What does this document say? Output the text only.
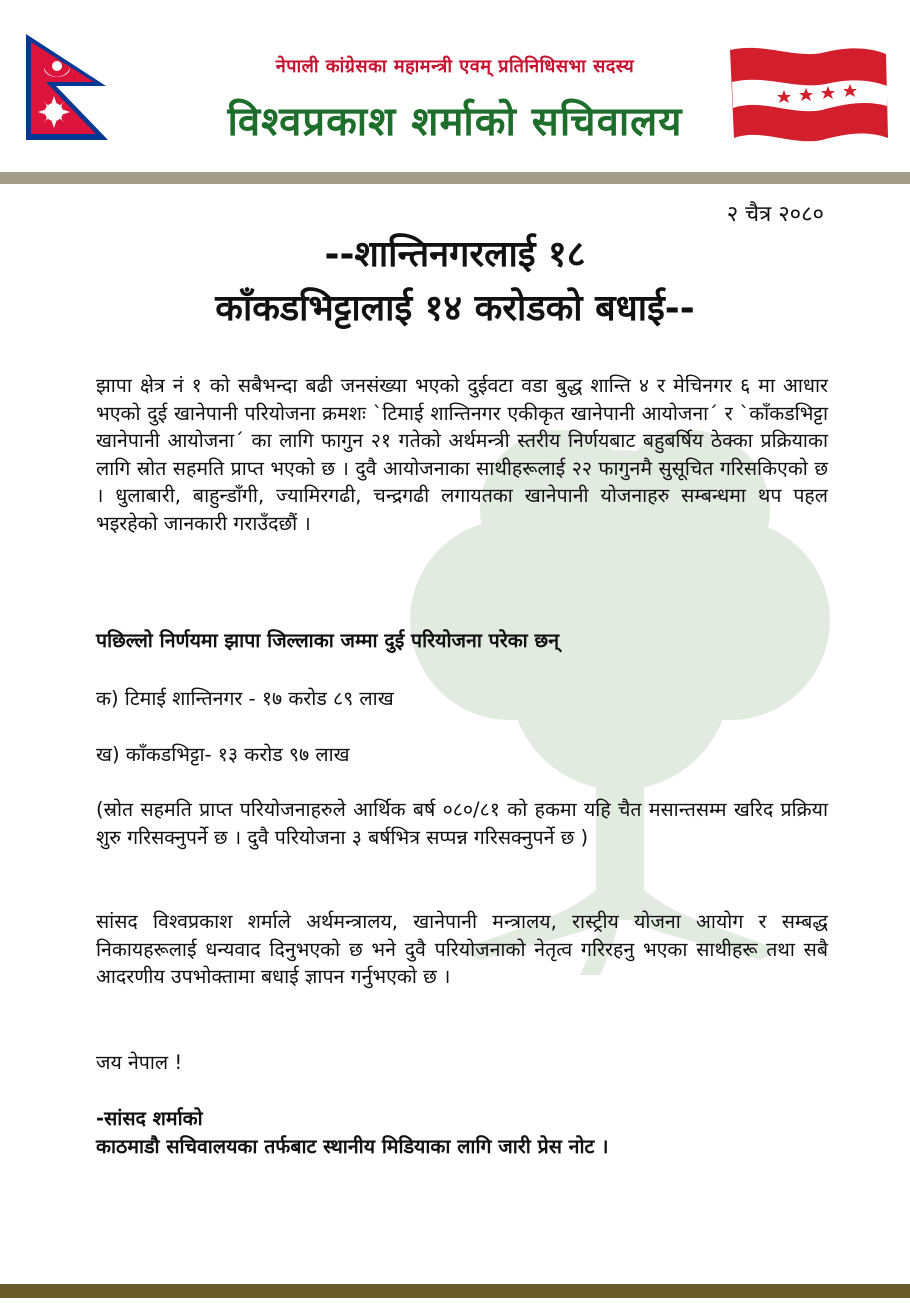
नेपाली कांग्रेसका महामन्त्री एवम् प्रतिनिधिसभा सदस्य
विश्वप्रकाश शर्माको सचिवालय
२ चैत्र २०८०
--शान्तिनगरलाई १८
काँकडभिट्टालाई १४ करोडको बधाई--
झापा क्षेत्र नं १ को सबैभन्दा बढी जनसंख्या भएको दुईवटा वडा बुद्ध शान्ति ४ र मेचिनगर ६ मा आधार भएको दुई खानेपानी परियोजना क्रमशः `टिमाई शान्तिनगर एकीकृत खानेपानी आयोजना´ र `काँकडभिट्टा खानेपानी आयोजना´ का लागि फागुन २१ गतेको अर्थमन्त्री स्तरीय निर्णयबाट बहुबर्षिय ठेक्का प्रक्रियाका लागि स्रोत सहमति प्राप्त भएको छ । दुवै आयोजनाका साथीहरूलाई २२ फागुनमै सुसूचित गरिसकिएको छ । धुलाबारी, बाहुन्डाँगी, ज्यामिरगढी, चन्द्रगढी लगायतका खानेपानी योजनाहरु सम्बन्धमा थप पहल भइरहेको जानकारी गराउँदछौं ।
पछिल्लो निर्णयमा झापा जिल्लाका जम्मा दुई परियोजना परेका छन्
क) टिमाई शान्तिनगर - १७ करोड ८९ लाख
ख) काँकडभिट्टा- १३ करोड ९७ लाख
(स्रोत सहमति प्राप्त परियोजनाहरुले आर्थिक बर्ष ०८०/८१ को हकमा यहि चैत मसान्तसम्म खरिद प्रक्रिया शुरु गरिसक्नुपर्ने छ । दुवै परियोजना ३ बर्षभित्र सप्पन्न गरिसक्नुपर्ने छ )
सांसद विश्वप्रकाश शर्माले अर्थमन्त्रालय, खानेपानी मन्त्रालय, रास्ट्रीय योजना आयोग र सम्बद्ध निकायहरूलाई धन्यवाद दिनुभएको छ भने दुवै परियोजनाको नेतृत्व गरिरहनु भएका साथीहरू तथा सबै आदरणीय उपभोक्तामा बधाई ज्ञापन गर्नुभएको छ ।
जय नेपाल !
-सांसद शर्माको
काठमाडौ सचिवालयका तर्फबाट स्थानीय मिडियाका लागि जारी प्रेस नोट ।
